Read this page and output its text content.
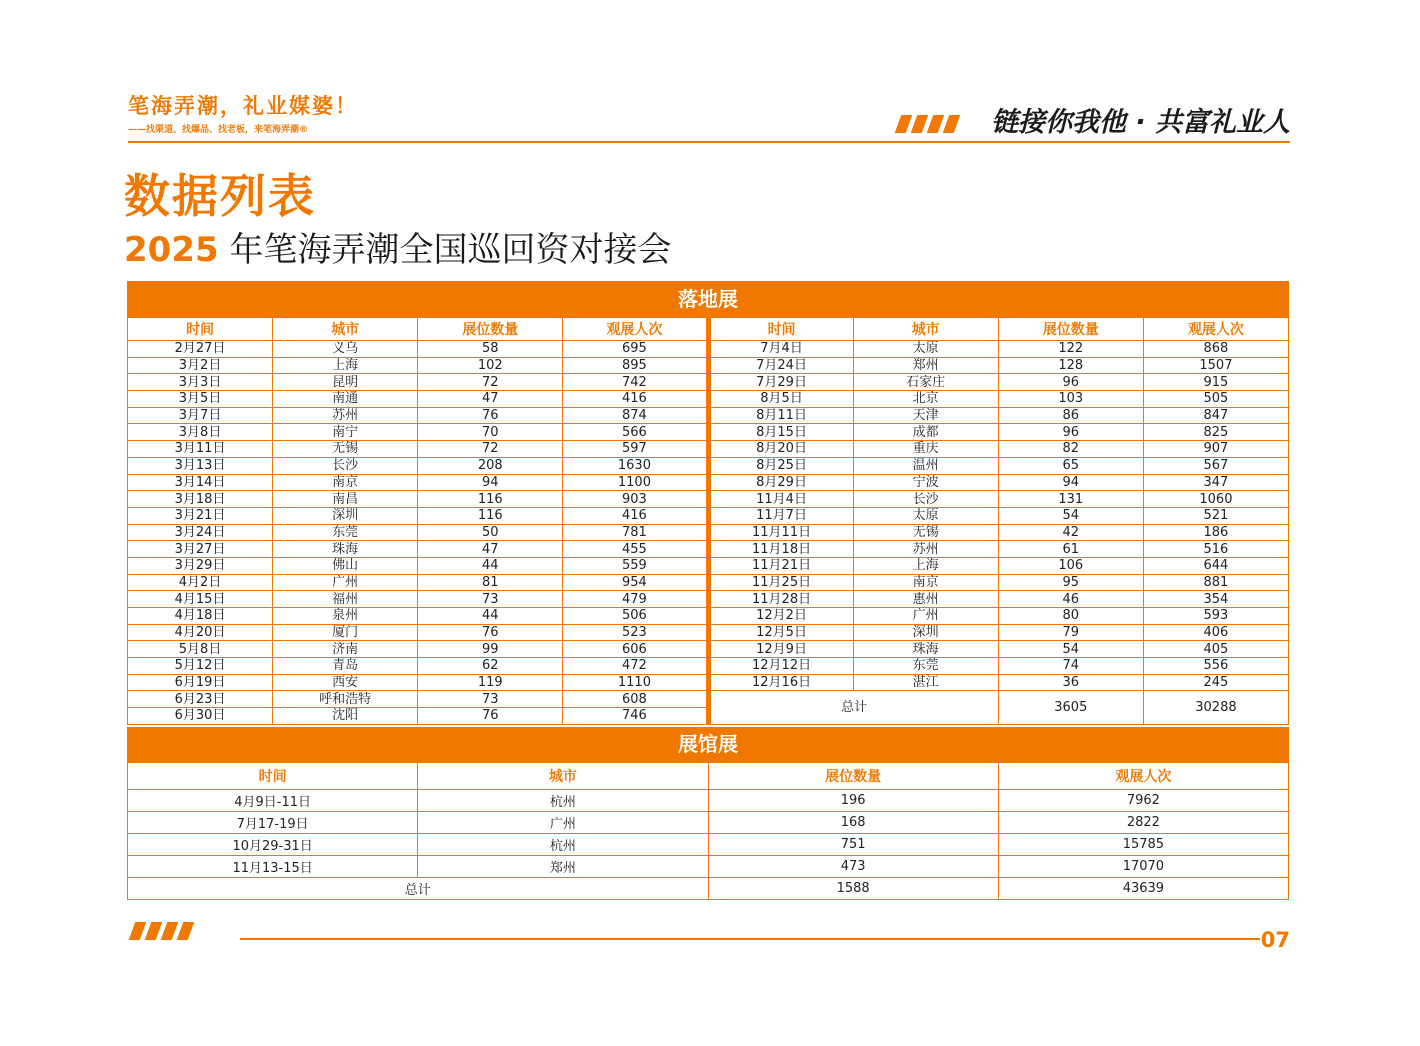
笔海弄潮，礼业媒婆！
——找渠道、找爆品、找老板，来笔海弄潮®	链接你我他 · 共富礼业人
数据列表
2025 年笔海弄潮全国巡回资对接会
落地展
时间	城市	展位数量	观展人次	时间	城市	展位数量	观展人次
2月27日	义乌	58	695	7月4日	太原	122	868
3月2日	上海	102	895	7月24日	郑州	128	1507
3月3日	昆明	72	742	7月29日	石家庄	96	915
3月5日	南通	47	416	8月5日	北京	103	505
3月7日	苏州	76	874	8月11日	天津	86	847
3月8日	南宁	70	566	8月15日	成都	96	825
3月11日	无锡	72	597	8月20日	重庆	82	907
3月13日	长沙	208	1630	8月25日	温州	65	567
3月14日	南京	94	1100	8月29日	宁波	94	347
3月18日	南昌	116	903	11月4日	长沙	131	1060
3月21日	深圳	116	416	11月7日	太原	54	521
3月24日	东莞	50	781	11月11日	无锡	42	186
3月27日	珠海	47	455	11月18日	苏州	61	516
3月29日	佛山	44	559	11月21日	上海	106	644
4月2日	广州	81	954	11月25日	南京	95	881
4月15日	福州	73	479	11月28日	惠州	46	354
4月18日	泉州	44	506	12月2日	广州	80	593
4月20日	厦门	76	523	12月5日	深圳	79	406
5月8日	济南	99	606	12月9日	珠海	54	405
5月12日	青岛	62	472	12月12日	东莞	74	556
6月19日	西安	119	1110	12月16日	湛江	36	245
6月23日	呼和浩特	73	608	总计		3605	30288
6月30日	沈阳	76	746				
展馆展
时间	城市	展位数量	观展人次
4月9日-11日	杭州	196	7962
7月17-19日	广州	168	2822
10月29-31日	杭州	751	15785
11月13-15日	郑州	473	17070
总计		1588	43639
07
